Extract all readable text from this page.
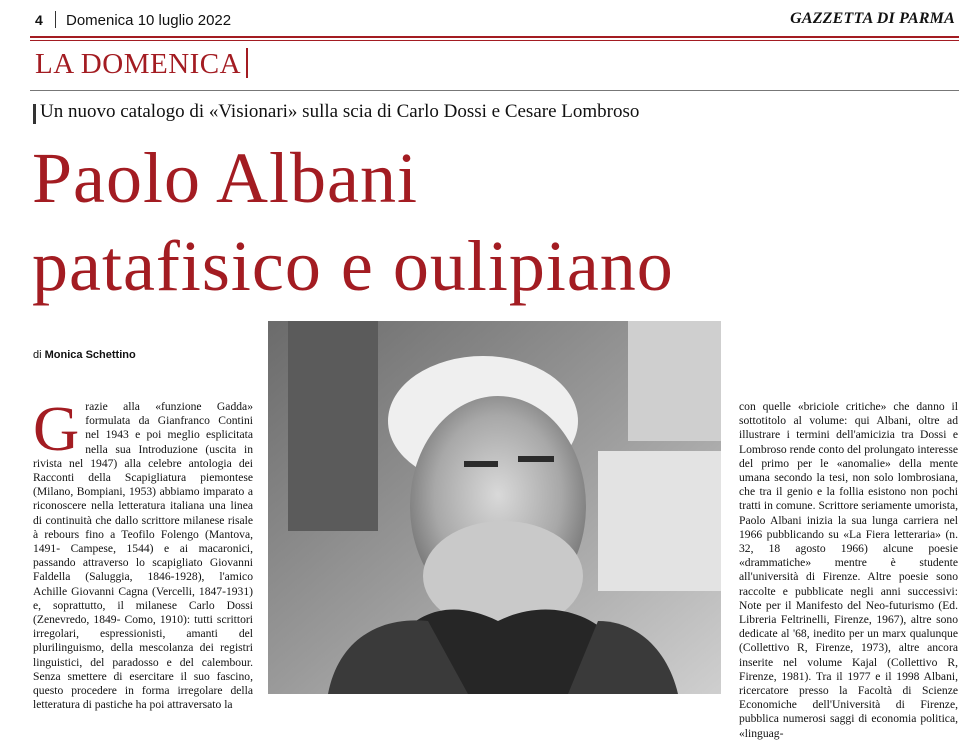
4 Domenica 10 luglio 2022	GAZZETTA DI PARMA
LA DOMENICA
Un nuovo catalogo di «Visionari» sulla scia di Carlo Dossi e Cesare Lombroso
Paolo Albani
patafisico e oulipiano
di Monica Schettino
G razie alla «funzione Gadda» formulata da Gianfranco Contini nel 1943 e poi meglio esplicitata nella sua Introduzione (uscita in rivista nel 1947) alla celebre antologia dei Racconti della Scapigliatura piemontese (Milano, Bompiani, 1953) abbiamo imparato a riconoscere nella letteratura italiana una linea di continuità che dallo scrittore milanese risale à rebours fino a Teofilo Folengo (Mantova, 1491- Campese, 1544) e ai macaronici, passando attraverso lo scapigliato Giovanni Faldella (Saluggia, 1846-1928), l'amico Achille Giovanni Cagna (Vercelli, 1847-1931) e, soprattutto, il milanese Carlo Dossi (Zenevredo, 1849- Como, 1910): tutti scrittori irregolari, espressionisti, amanti del plurilinguismo, della mescolanza dei registri linguistici, del paradosso e del calembour. Senza smettere di esercitare il suo fascino, questo procedere in forma irregolare della letteratura di pastiche ha poi attraversato la

con quelle «briciole critiche» che danno il sottotitolo al volume: qui Albani, oltre ad illustrare i termini dell'amicizia tra Dossi e Lombroso rende conto del prolungato interesse del primo per le «anomalie» della mente umana secondo la tesi, non solo lombrosiana, che tra il genio e la follia esistono non pochi tratti in comune. Scrittore seriamente umorista, Paolo Albani inizia la sua lunga carriera nel 1966 pubblicando su «La Fiera letteraria» (n. 32, 18 agosto 1966) alcune poesie «drammatiche» mentre è studente all'università di Firenze. Altre poesie sono raccolte e pubblicate negli anni successivi: Note per il Manifesto del Neo-futurismo (Ed. Libreria Feltrinelli, Firenze, 1967), altre sono dedicate al '68, inedito per un marx qualunque (Collettivo R, Firenze, 1973), altre ancora inserite nel volume Kajal (Collettivo R, Firenze, 1981). Tra il 1977 e il 1998 Albani, ricercatore presso la Facoltà di Scienze Economiche dell'Università di Firenze, pubblica numerosi saggi di economia politica, «linguag-
